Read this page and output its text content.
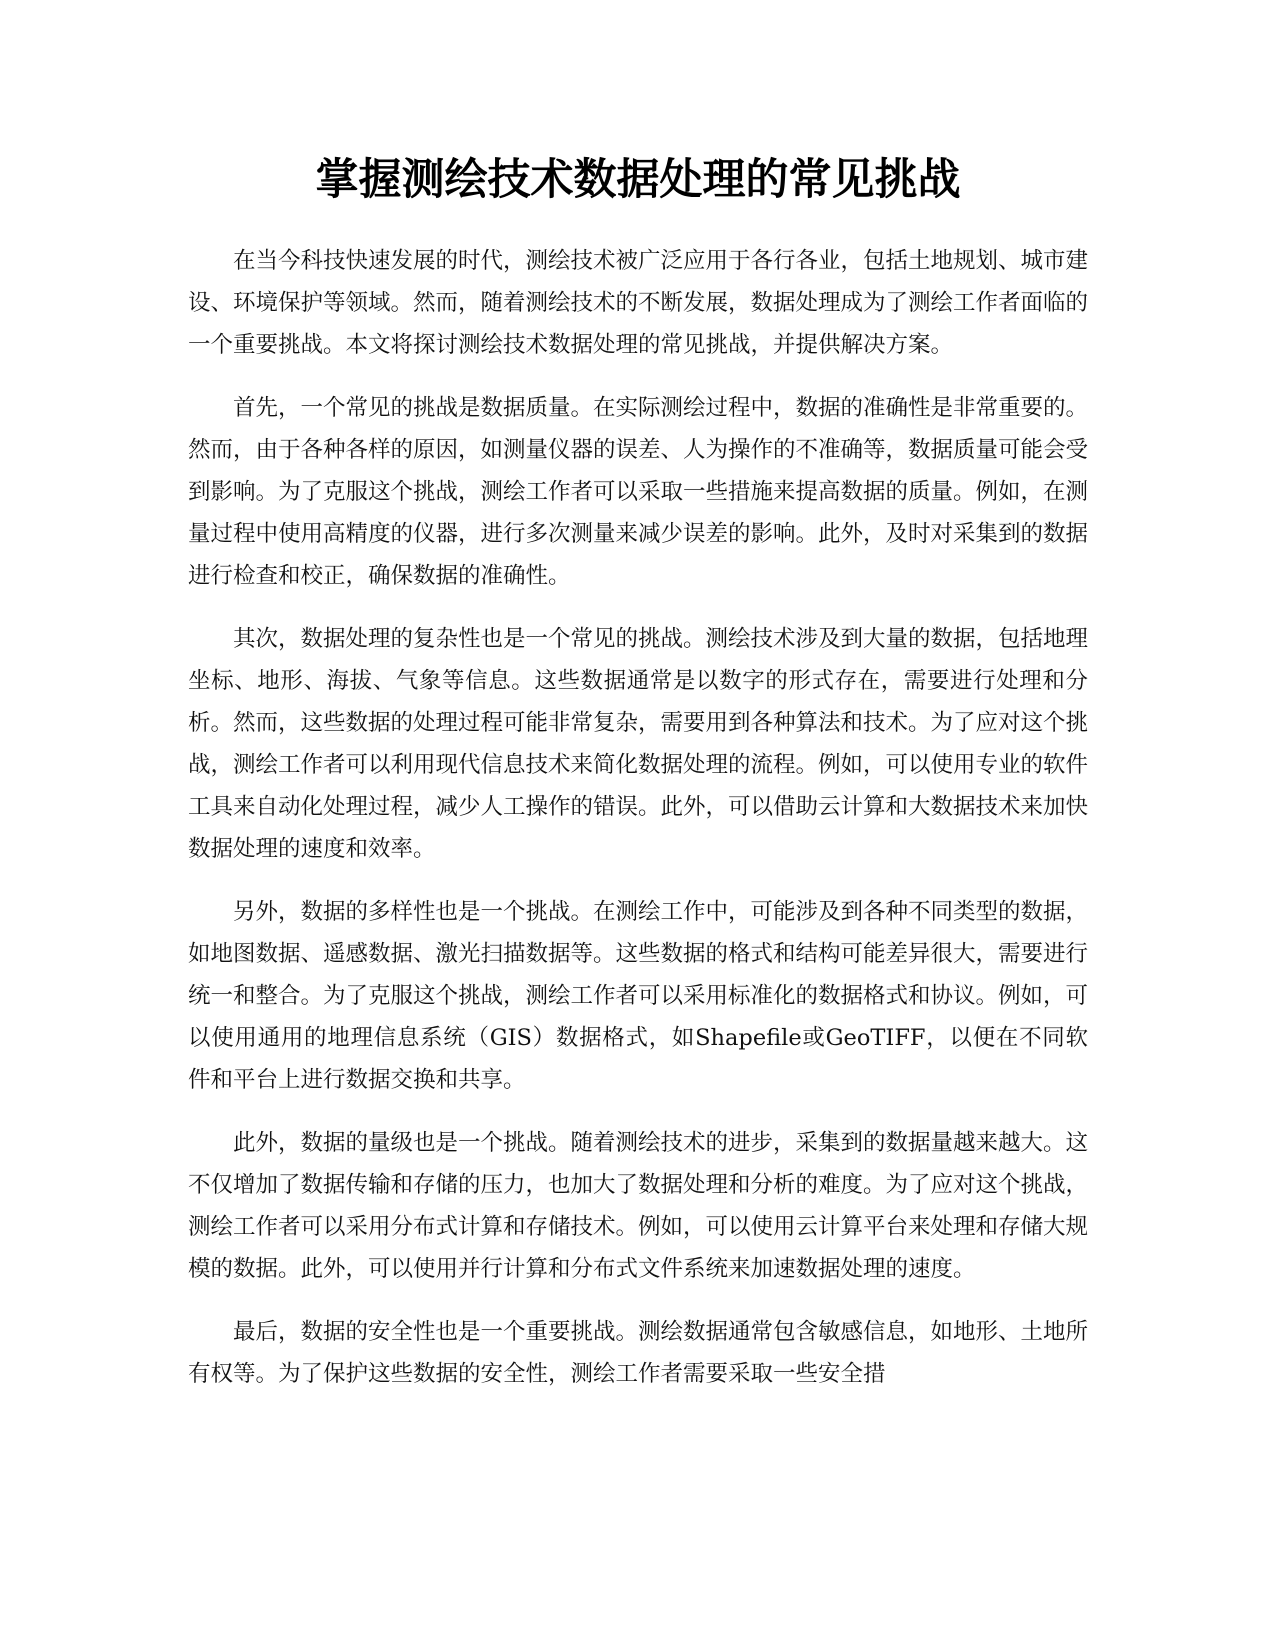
掌握测绘技术数据处理的常见挑战

在当今科技快速发展的时代，测绘技术被广泛应用于各行各业，包括土地规划、城市建设、环境保护等领域。然而，随着测绘技术的不断发展，数据处理成为了测绘工作者面临的一个重要挑战。本文将探讨测绘技术数据处理的常见挑战，并提供解决方案。

首先，一个常见的挑战是数据质量。在实际测绘过程中，数据的准确性是非常重要的。然而，由于各种各样的原因，如测量仪器的误差、人为操作的不准确等，数据质量可能会受到影响。为了克服这个挑战，测绘工作者可以采取一些措施来提高数据的质量。例如，在测量过程中使用高精度的仪器，进行多次测量来减少误差的影响。此外，及时对采集到的数据进行检查和校正，确保数据的准确性。

其次，数据处理的复杂性也是一个常见的挑战。测绘技术涉及到大量的数据，包括地理坐标、地形、海拔、气象等信息。这些数据通常是以数字的形式存在，需要进行处理和分析。然而，这些数据的处理过程可能非常复杂，需要用到各种算法和技术。为了应对这个挑战，测绘工作者可以利用现代信息技术来简化数据处理的流程。例如，可以使用专业的软件工具来自动化处理过程，减少人工操作的错误。此外，可以借助云计算和大数据技术来加快数据处理的速度和效率。

另外，数据的多样性也是一个挑战。在测绘工作中，可能涉及到各种不同类型的数据，如地图数据、遥感数据、激光扫描数据等。这些数据的格式和结构可能差异很大，需要进行统一和整合。为了克服这个挑战，测绘工作者可以采用标准化的数据格式和协议。例如，可以使用通用的地理信息系统（GIS）数据格式，如Shapefile或GeoTIFF，以便在不同软件和平台上进行数据交换和共享。

此外，数据的量级也是一个挑战。随着测绘技术的进步，采集到的数据量越来越大。这不仅增加了数据传输和存储的压力，也加大了数据处理和分析的难度。为了应对这个挑战，测绘工作者可以采用分布式计算和存储技术。例如，可以使用云计算平台来处理和存储大规模的数据。此外，可以使用并行计算和分布式文件系统来加速数据处理的速度。

最后，数据的安全性也是一个重要挑战。测绘数据通常包含敏感信息，如地形、土地所有权等。为了保护这些数据的安全性，测绘工作者需要采取一些安全措
